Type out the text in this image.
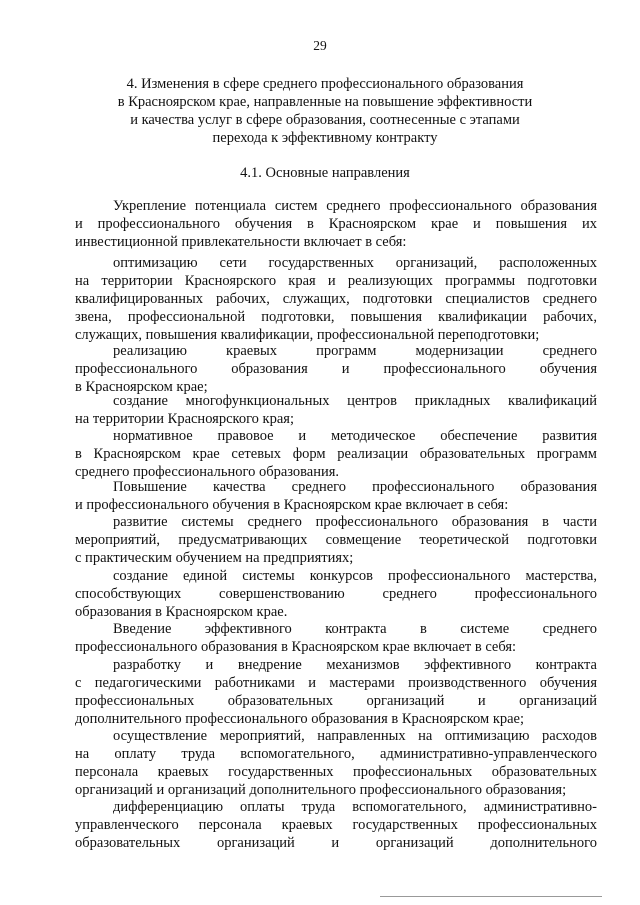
29
4. Изменения в сфере среднего профессионального образования
в Красноярском крае, направленные на повышение эффективности
и качества услуг в сфере образования, соотнесенные с этапами
перехода к эффективному контракту
4.1. Основные направления
Укрепление потенциала систем среднего профессионального образования
и профессионального обучения в Красноярском крае и повышения их
инвестиционной привлекательности включает в себя:
оптимизацию сети государственных организаций, расположенных
на территории Красноярского края и реализующих программы подготовки
квалифицированных рабочих, служащих, подготовки специалистов среднего
звена, профессиональной подготовки, повышения квалификации рабочих,
служащих, повышения квалификации, профессиональной переподготовки;
реализацию краевых программ модернизации среднего
профессионального образования и профессионального обучения
в Красноярском крае;
создание многофункциональных центров прикладных квалификаций
на территории Красноярского края;
нормативное правовое и методическое обеспечение развития
в Красноярском крае сетевых форм реализации образовательных программ
среднего профессионального образования.
Повышение качества среднего профессионального образования
и профессионального обучения в Красноярском крае включает в себя:
развитие системы среднего профессионального образования в части
мероприятий, предусматривающих совмещение теоретической подготовки
с практическим обучением на предприятиях;
создание единой системы конкурсов профессионального мастерства,
способствующих совершенствованию среднего профессионального
образования в Красноярском крае.
Введение эффективного контракта в системе среднего
профессионального образования в Красноярском крае включает в себя:
разработку и внедрение механизмов эффективного контракта
с педагогическими работниками и мастерами производственного обучения
профессиональных образовательных организаций и организаций
дополнительного профессионального образования в Красноярском крае;
осуществление мероприятий, направленных на оптимизацию расходов
на оплату труда вспомогательного, административно-управленческого
персонала краевых государственных профессиональных образовательных
организаций и организаций дополнительного профессионального образования;
дифференциацию оплаты труда вспомогательного, административно-
управленческого персонала краевых государственных профессиональных
образовательных организаций и организаций дополнительного
